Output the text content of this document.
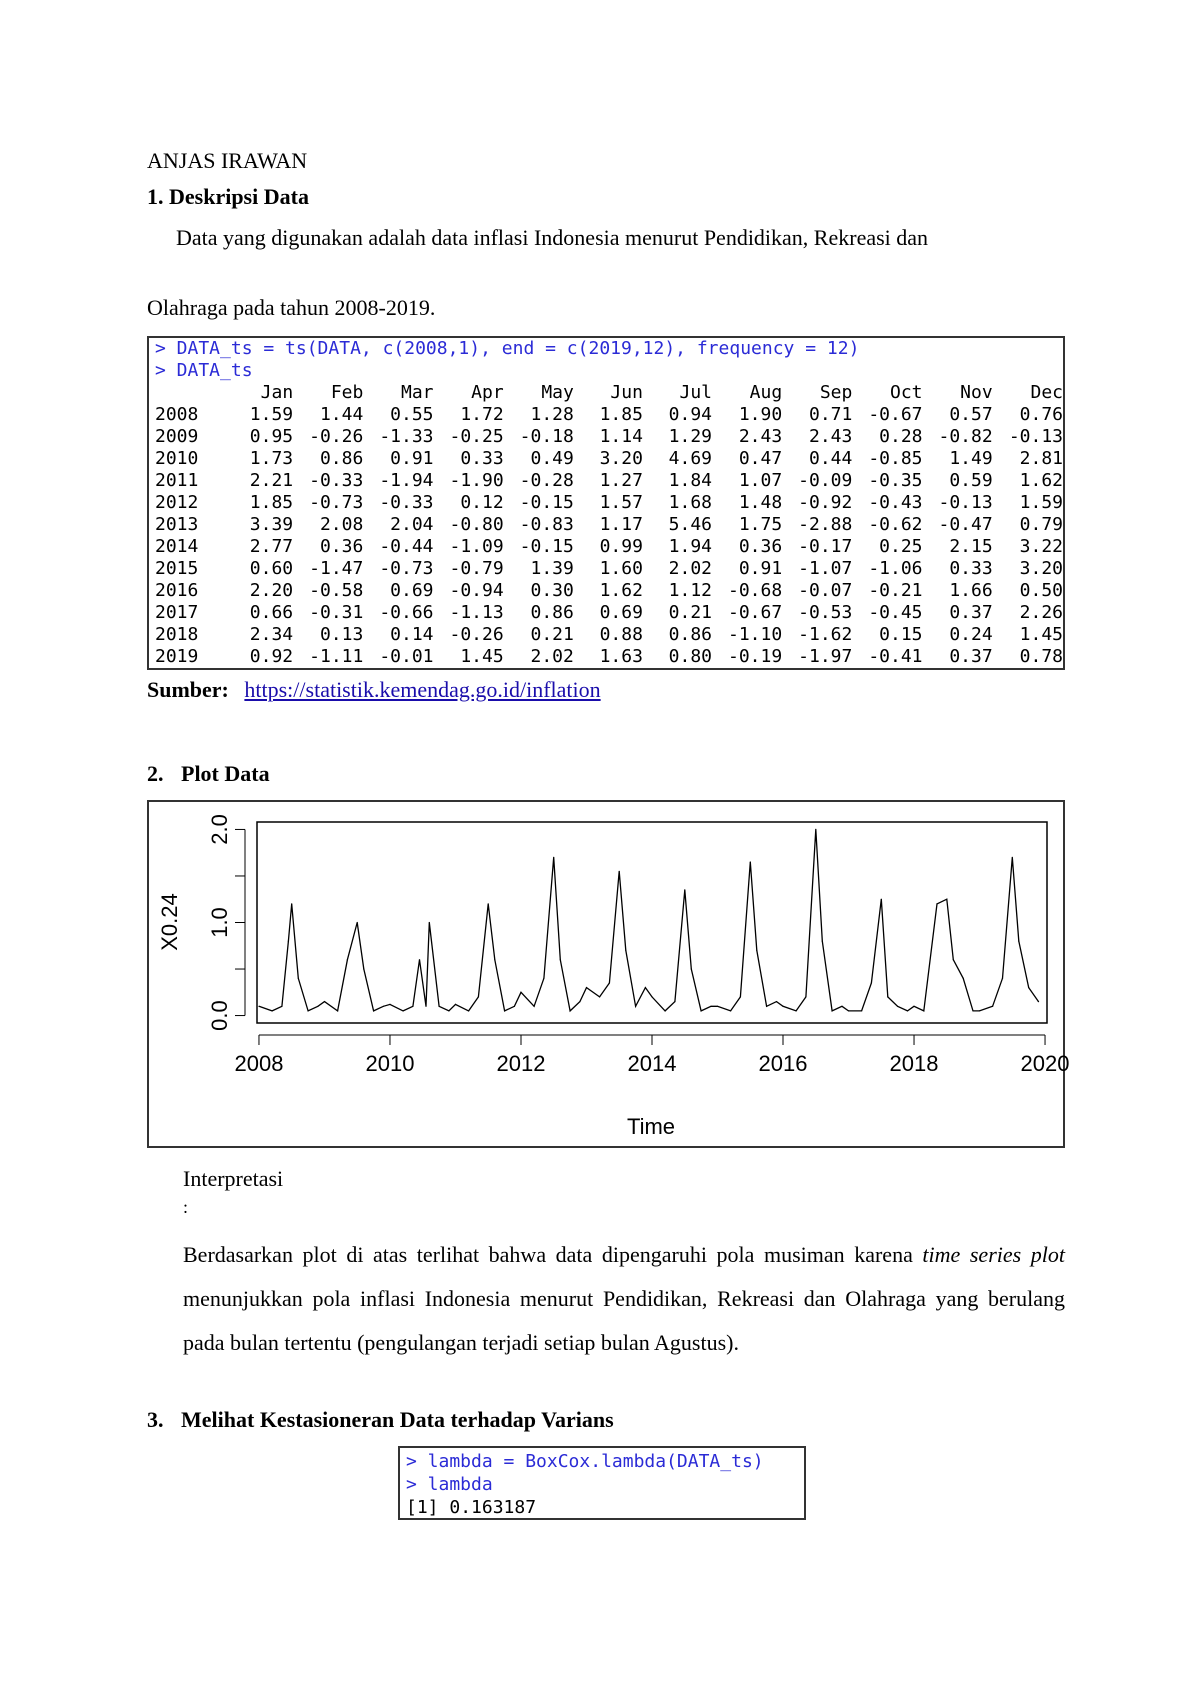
ANJAS IRAWAN
1. Deskripsi Data
Data yang digunakan adalah data inflasi Indonesia menurut Pendidikan, Rekreasi dan
Olahraga pada tahun 2008-2019.
> DATA_ts = ts(DATA, c(2008,1), end = c(2019,12), frequency = 12)
> DATA_ts
	Jan	Feb	Mar	Apr	May	Jun	Jul	Aug	Sep	Oct	Nov	Dec
2008	1.59	1.44	0.55	1.72	1.28	1.85	0.94	1.90	0.71	-0.67	0.57	0.76
2009	0.95	-0.26	-1.33	-0.25	-0.18	1.14	1.29	2.43	2.43	0.28	-0.82	-0.13
2010	1.73	0.86	0.91	0.33	0.49	3.20	4.69	0.47	0.44	-0.85	1.49	2.81
2011	2.21	-0.33	-1.94	-1.90	-0.28	1.27	1.84	1.07	-0.09	-0.35	0.59	1.62
2012	1.85	-0.73	-0.33	0.12	-0.15	1.57	1.68	1.48	-0.92	-0.43	-0.13	1.59
2013	3.39	2.08	2.04	-0.80	-0.83	1.17	5.46	1.75	-2.88	-0.62	-0.47	0.79
2014	2.77	0.36	-0.44	-1.09	-0.15	0.99	1.94	0.36	-0.17	0.25	2.15	3.22
2015	0.60	-1.47	-0.73	-0.79	1.39	1.60	2.02	0.91	-1.07	-1.06	0.33	3.20
2016	2.20	-0.58	0.69	-0.94	0.30	1.62	1.12	-0.68	-0.07	-0.21	1.66	0.50
2017	0.66	-0.31	-0.66	-1.13	0.86	0.69	0.21	-0.67	-0.53	-0.45	0.37	2.26
2018	2.34	0.13	0.14	-0.26	0.21	0.88	0.86	-1.10	-1.62	0.15	0.24	1.45
2019	0.92	-1.11	-0.01	1.45	2.02	1.63	0.80	-0.19	-1.97	-0.41	0.37	0.78
Sumber: https://statistik.kemendag.go.id/inflation
2. Plot Data
0.0
1.0
2.0
2008	2010	2012	2014	2016	2018	2020
X0.24
Time
Interpretasi
:
Berdasarkan plot di atas terlihat bahwa data dipengaruhi pola musiman karena time series plot menunjukkan pola inflasi Indonesia menurut Pendidikan, Rekreasi dan Olahraga yang berulang pada bulan tertentu (pengulangan terjadi setiap bulan Agustus).
3. Melihat Kestasioneran Data terhadap Varians
> lambda = BoxCox.lambda(DATA_ts)
> lambda
[1] 0.163187
